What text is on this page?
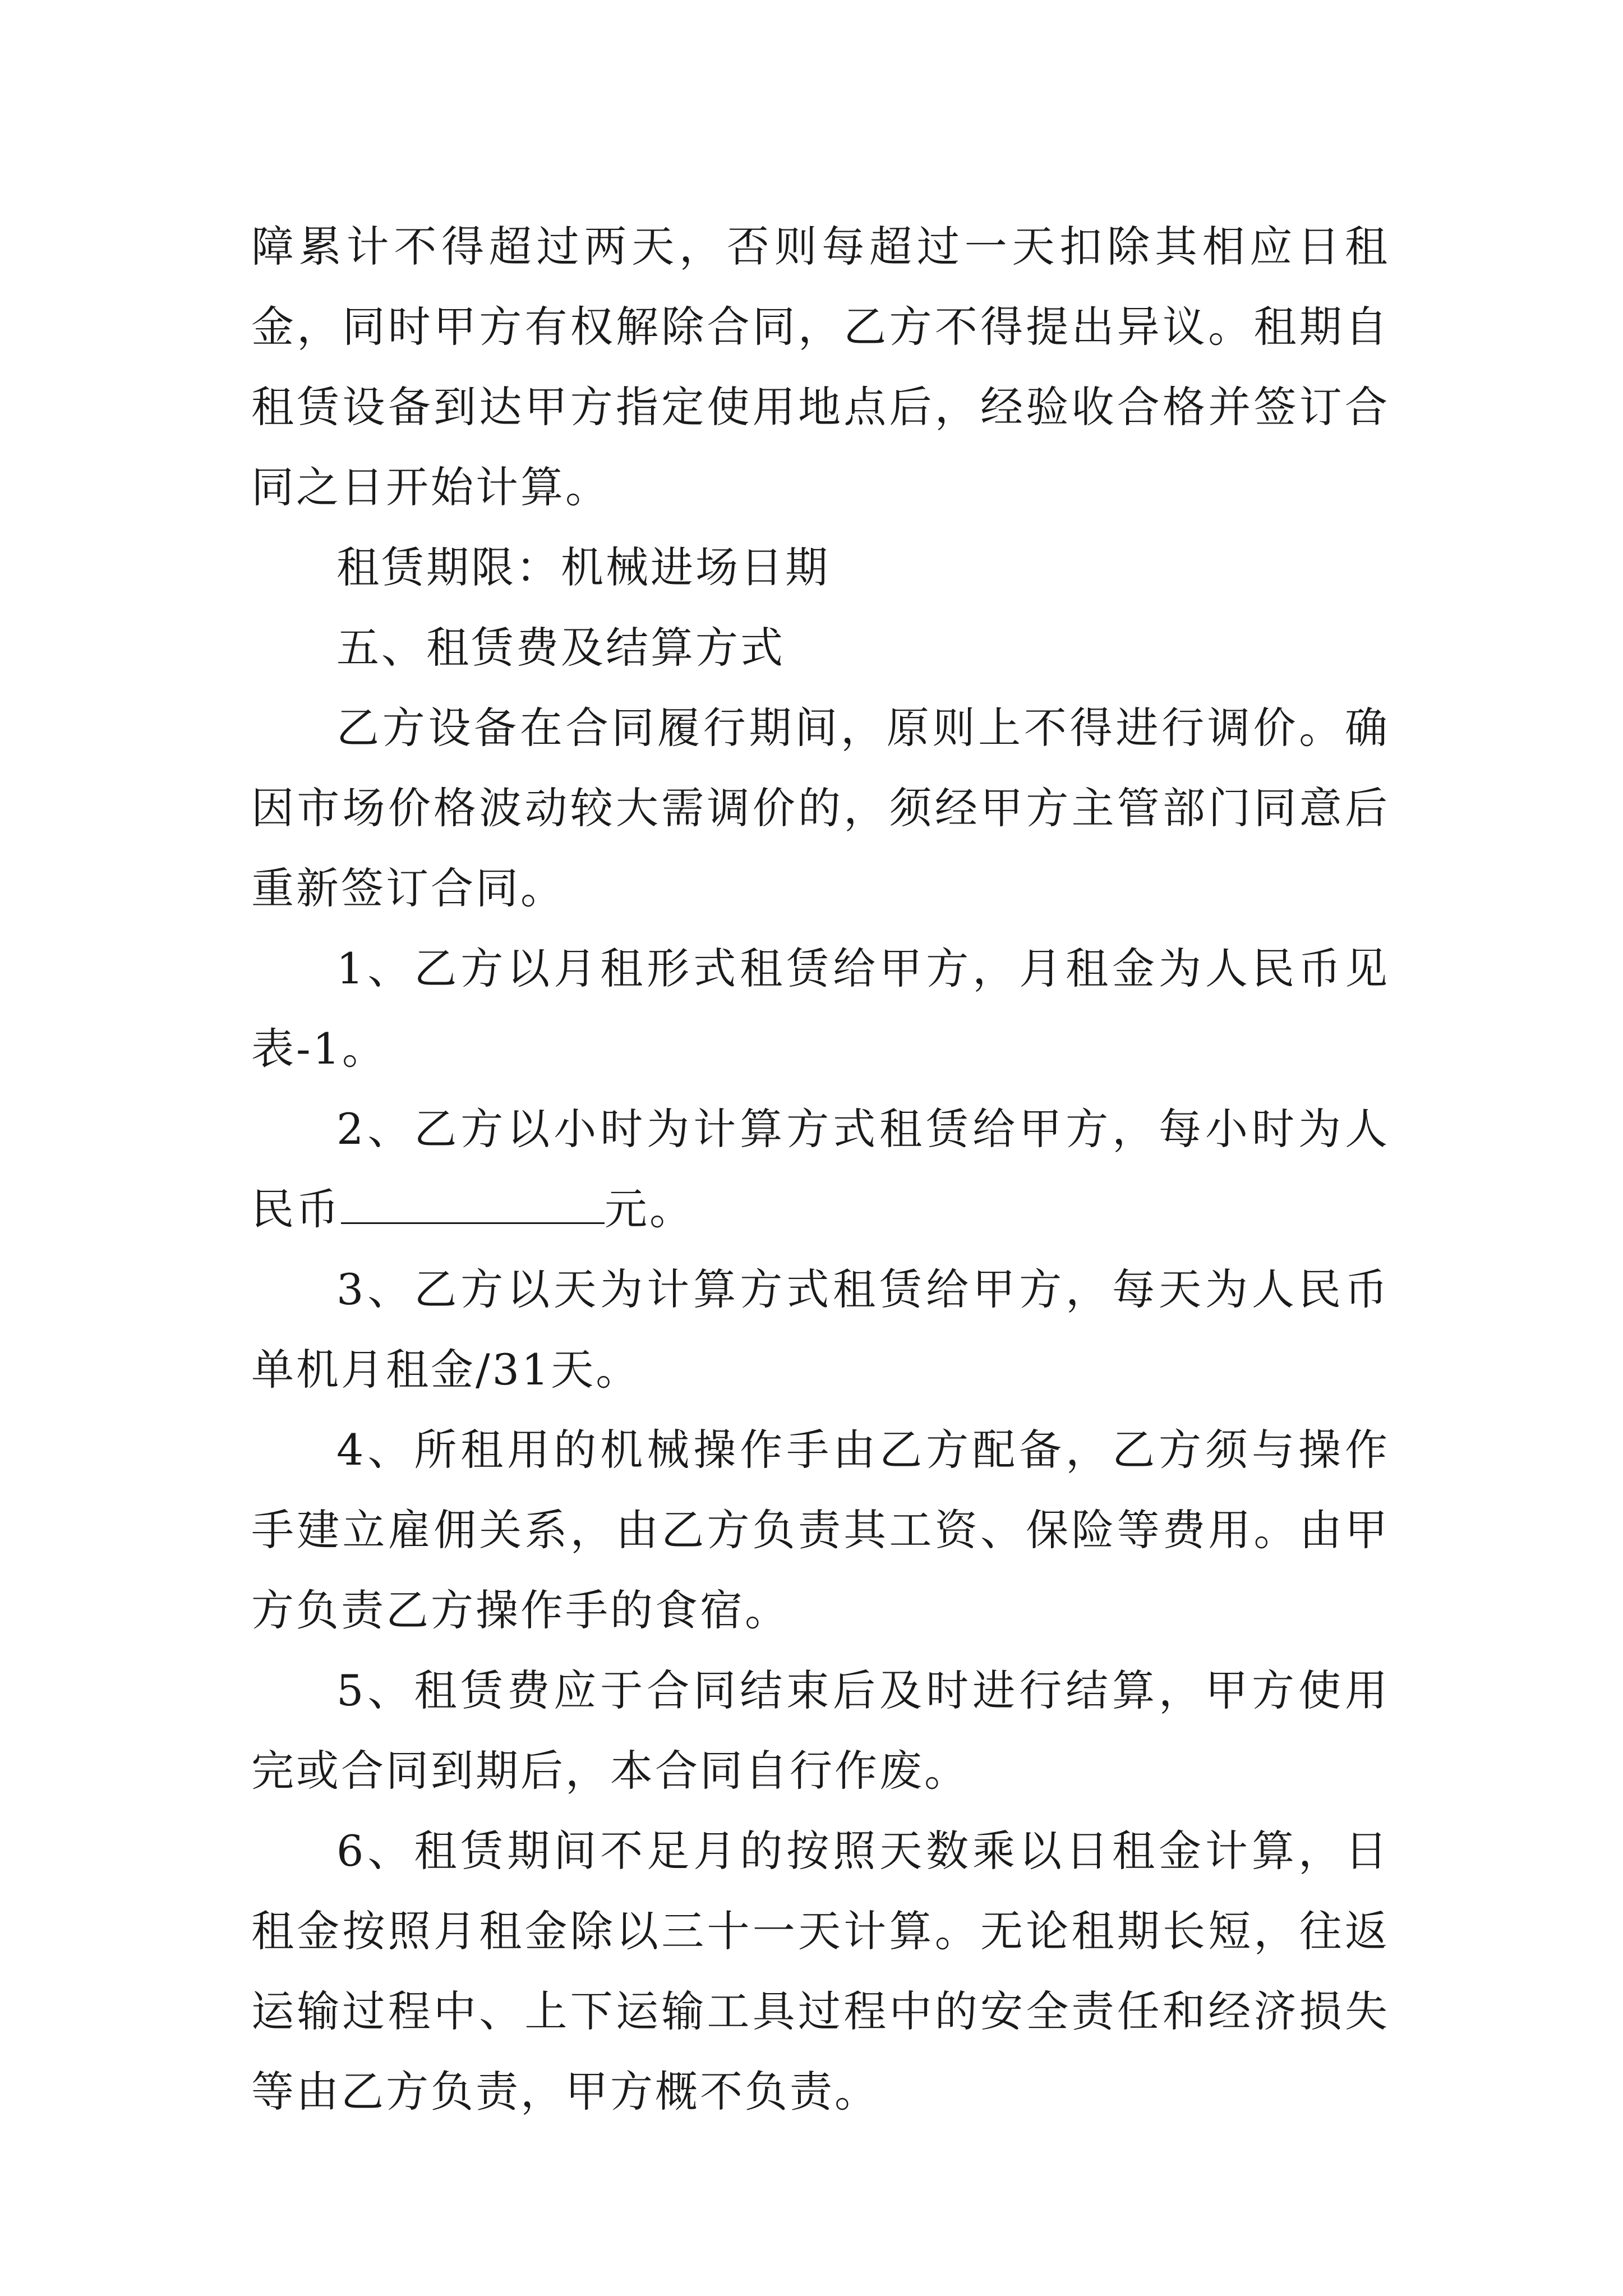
障累计不得超过两天，否则每超过一天扣除其相应日租金，同时甲方有权解除合同，乙方不得提出异议。租期自租赁设备到达甲方指定使用地点后，经验收合格并签订合同之日开始计算。

租赁期限：机械进场日期

五、租赁费及结算方式

乙方设备在合同履行期间，原则上不得进行调价。确因市场价格波动较大需调价的，须经甲方主管部门同意后重新签订合同。

1、乙方以月租形式租赁给甲方，月租金为人民币见表-1。

2、乙方以小时为计算方式租赁给甲方，每小时为人民币	元。

3、乙方以天为计算方式租赁给甲方，每天为人民币单机月租金/31天。

4、所租用的机械操作手由乙方配备，乙方须与操作手建立雇佣关系，由乙方负责其工资、保险等费用。由甲方负责乙方操作手的食宿。

5、租赁费应于合同结束后及时进行结算，甲方使用完或合同到期后，本合同自行作废。

6、租赁期间不足月的按照天数乘以日租金计算，日租金按照月租金除以三十一天计算。无论租期长短，往返运输过程中、上下运输工具过程中的安全责任和经济损失等由乙方负责，甲方概不负责。
